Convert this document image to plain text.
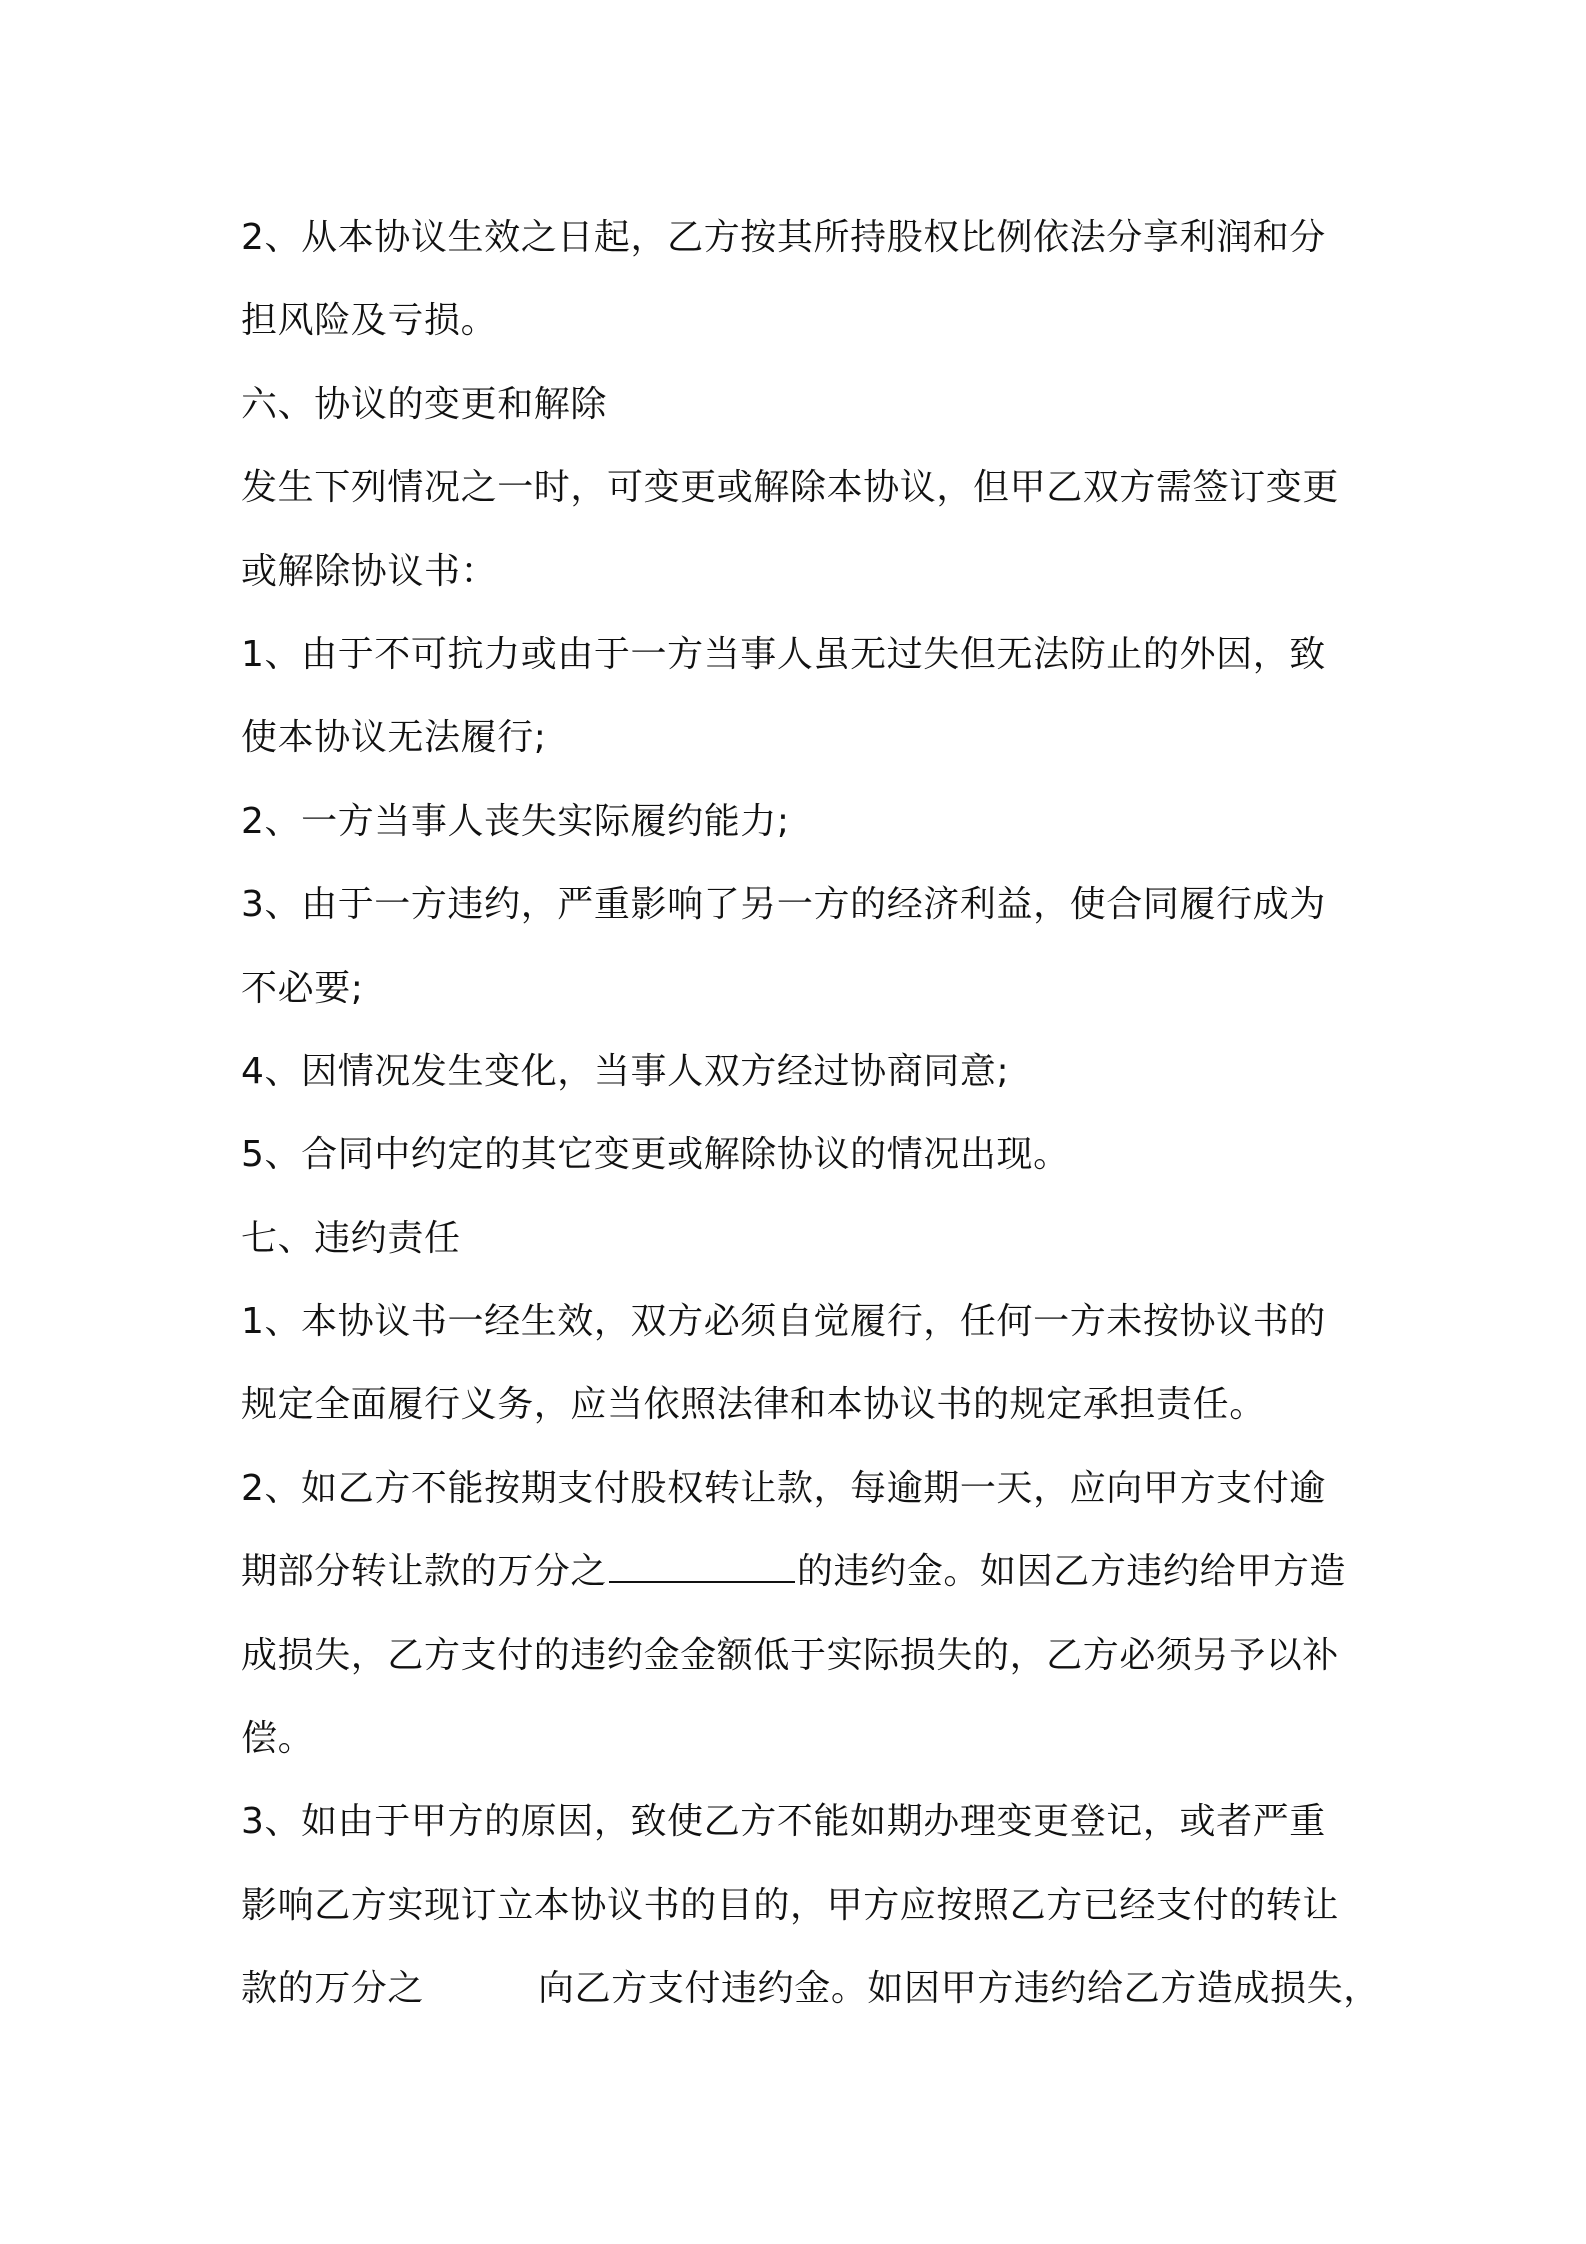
2、从本协议生效之日起，乙方按其所持股权比例依法分享利润和分
担风险及亏损。
六、协议的变更和解除
发生下列情况之一时，可变更或解除本协议，但甲乙双方需签订变更
或解除协议书：
1、由于不可抗力或由于一方当事人虽无过失但无法防止的外因，致
使本协议无法履行;
2、一方当事人丧失实际履约能力;
3、由于一方违约，严重影响了另一方的经济利益，使合同履行成为
不必要;
4、因情况发生变化，当事人双方经过协商同意;
5、合同中约定的其它变更或解除协议的情况出现。
七、违约责任
1、本协议书一经生效，双方必须自觉履行，任何一方未按协议书的
规定全面履行义务，应当依照法律和本协议书的规定承担责任。
2、如乙方不能按期支付股权转让款，每逾期一天，应向甲方支付逾
期部分转让款的万分之	的违约金。如因乙方违约给甲方造
成损失，乙方支付的违约金金额低于实际损失的，乙方必须另予以补
偿。
3、如由于甲方的原因，致使乙方不能如期办理变更登记，或者严重
影响乙方实现订立本协议书的目的，甲方应按照乙方已经支付的转让
款的万分之	向乙方支付违约金。如因甲方违约给乙方造成损失，
